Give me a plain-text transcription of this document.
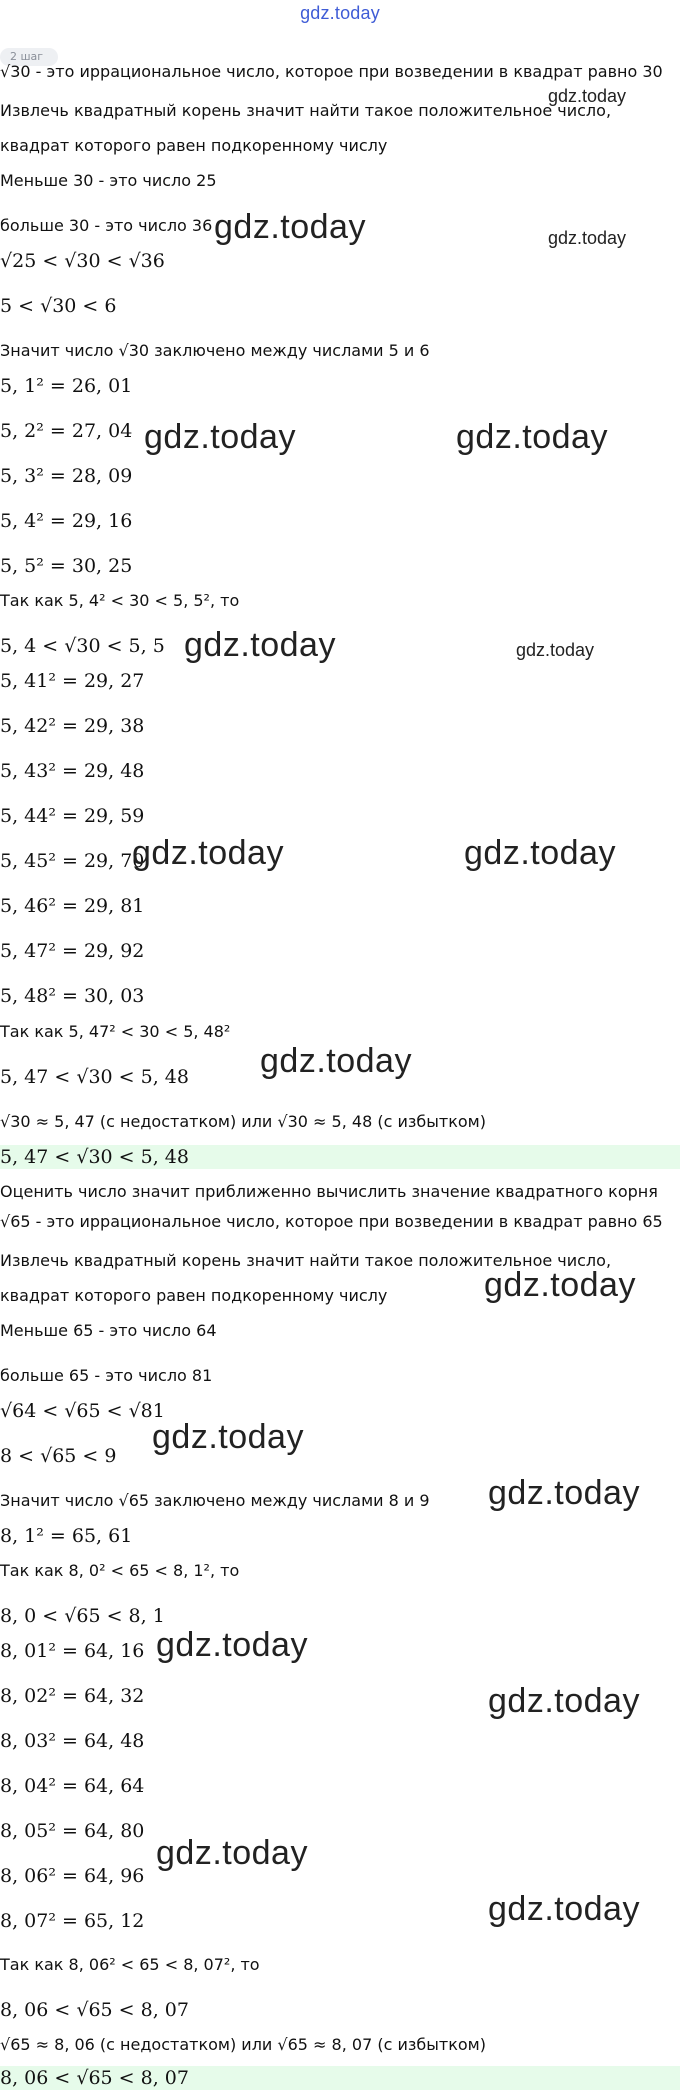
gdz.today
2 шаг
√30 - это иррациональное число, которое при возведении в квадрат равно 30
Извлечь квадратный корень значит найти такое положительное число,
квадрат которого равен подкоренному числу
Меньше 30 - это число 25
больше 30 - это число 36
√25 < √30 < √36
5 < √30 < 6
Значит число √30 заключено между числами 5 и 6
5, 1² = 26, 01
5, 2² = 27, 04
5, 3² = 28, 09
5, 4² = 29, 16
5, 5² = 30, 25
Так как 5, 4² < 30 < 5, 5², то
5, 4 < √30 < 5, 5
5, 41² = 29, 27
5, 42² = 29, 38
5, 43² = 29, 48
5, 44² = 29, 59
5, 45² = 29, 70
5, 46² = 29, 81
5, 47² = 29, 92
5, 48² = 30, 03
Так как 5, 47² < 30 < 5, 48²
5, 47 < √30 < 5, 48
√30 ≈ 5, 47 (с недостатком) или √30 ≈ 5, 48 (с избытком)
5, 47 < √30 < 5, 48
Оценить число значит приближенно вычислить значение квадратного корня
√65 - это иррациональное число, которое при возведении в квадрат равно 65
Извлечь квадратный корень значит найти такое положительное число,
квадрат которого равен подкоренному числу
Меньше 65 - это число 64
больше 65 - это число 81
√64 < √65 < √81
8 < √65 < 9
Значит число √65 заключено между числами 8 и 9
8, 1² = 65, 61
Так как 8, 0² < 65 < 8, 1², то
8, 0 < √65 < 8, 1
8, 01² = 64, 16
8, 02² = 64, 32
8, 03² = 64, 48
8, 04² = 64, 64
8, 05² = 64, 80
8, 06² = 64, 96
8, 07² = 65, 12
Так как 8, 06² < 65 < 8, 07², то
8, 06 < √65 < 8, 07
√65 ≈ 8, 06 (с недостатком) или √65 ≈ 8, 07 (с избытком)
8, 06 < √65 < 8, 07
gdz.today
gdz.today
gdz.today
gdz.today	gdz.today
gdz.today	gdz.today
gdz.today	gdz.today
gdz.today
gdz.today
gdz.today
gdz.today
gdz.today
gdz.today
gdz.today
gdz.today
